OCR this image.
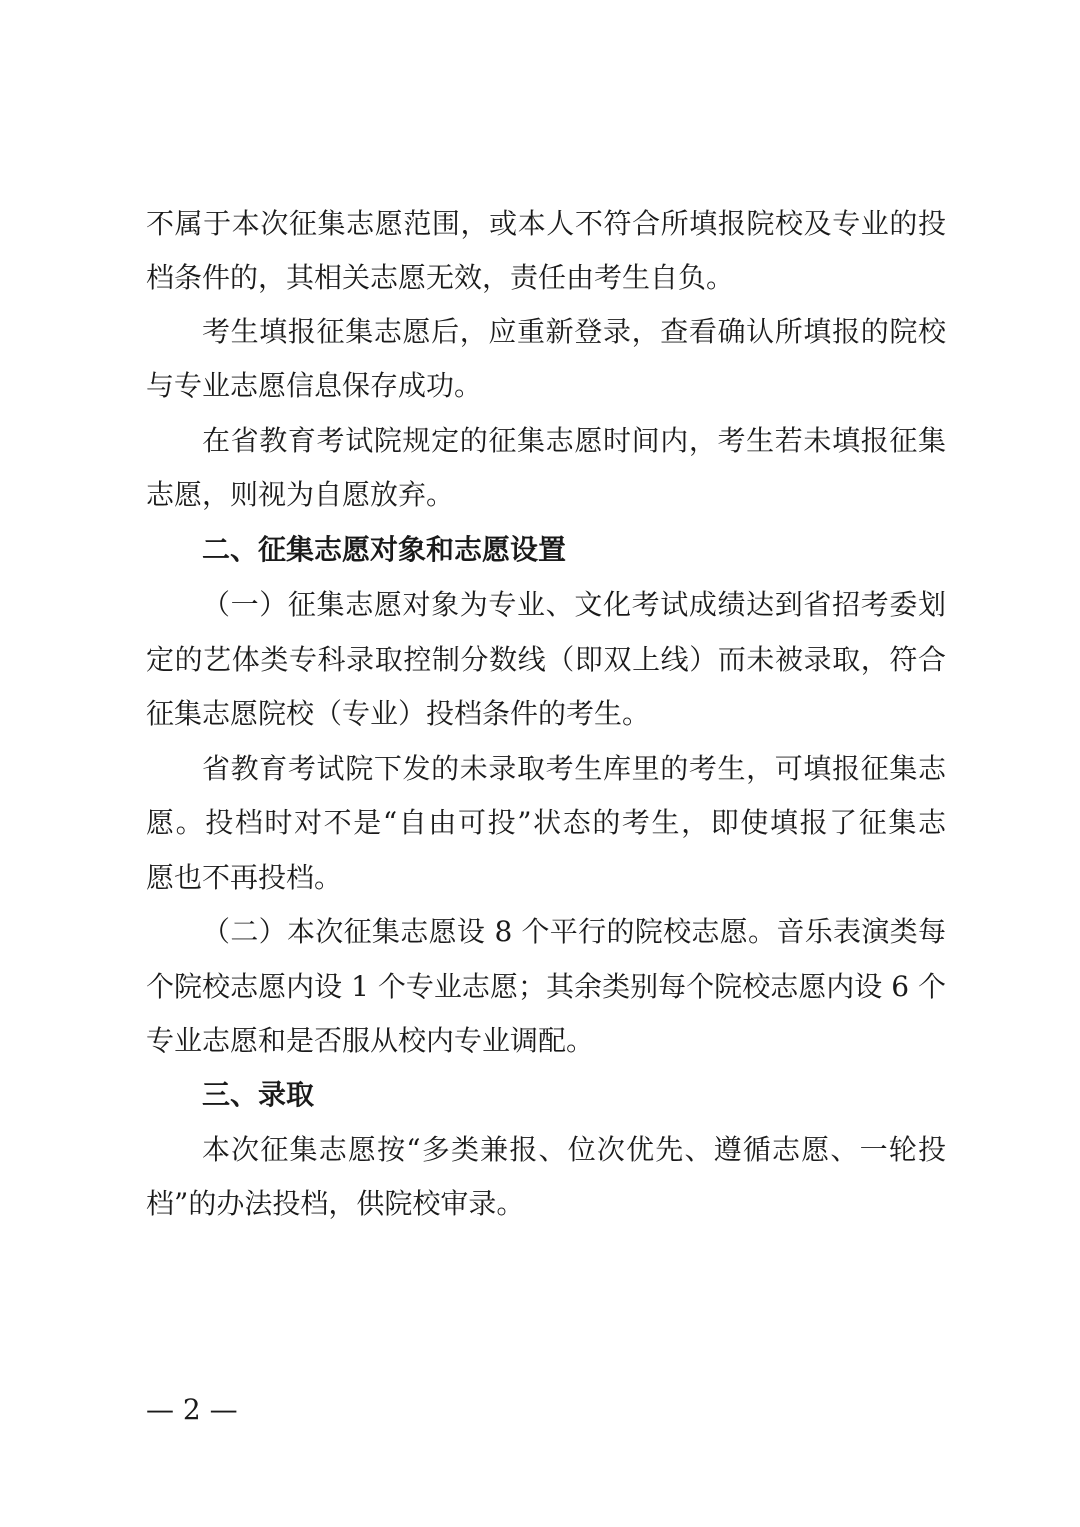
不属于本次征集志愿范围，或本人不符合所填报院校及专业的投
档条件的，其相关志愿无效，责任由考生自负。
考生填报征集志愿后，应重新登录，查看确认所填报的院校
与专业志愿信息保存成功。
在省教育考试院规定的征集志愿时间内，考生若未填报征集
志愿，则视为自愿放弃。
二、征集志愿对象和志愿设置
（一）征集志愿对象为专业、文化考试成绩达到省招考委划
定的艺体类专科录取控制分数线（即双上线）而未被录取，符合
征集志愿院校（专业）投档条件的考生。
省教育考试院下发的未录取考生库里的考生，可填报征集志
愿。投档时对不是“自由可投”状态的考生，即使填报了征集志
愿也不再投档。
（二）本次征集志愿设 8 个平行的院校志愿。音乐表演类每
个院校志愿内设 1 个专业志愿；其余类别每个院校志愿内设 6 个
专业志愿和是否服从校内专业调配。
三、录取
本次征集志愿按“多类兼报、位次优先、遵循志愿、一轮投
档”的办法投档，供院校审录。
— 2 —
